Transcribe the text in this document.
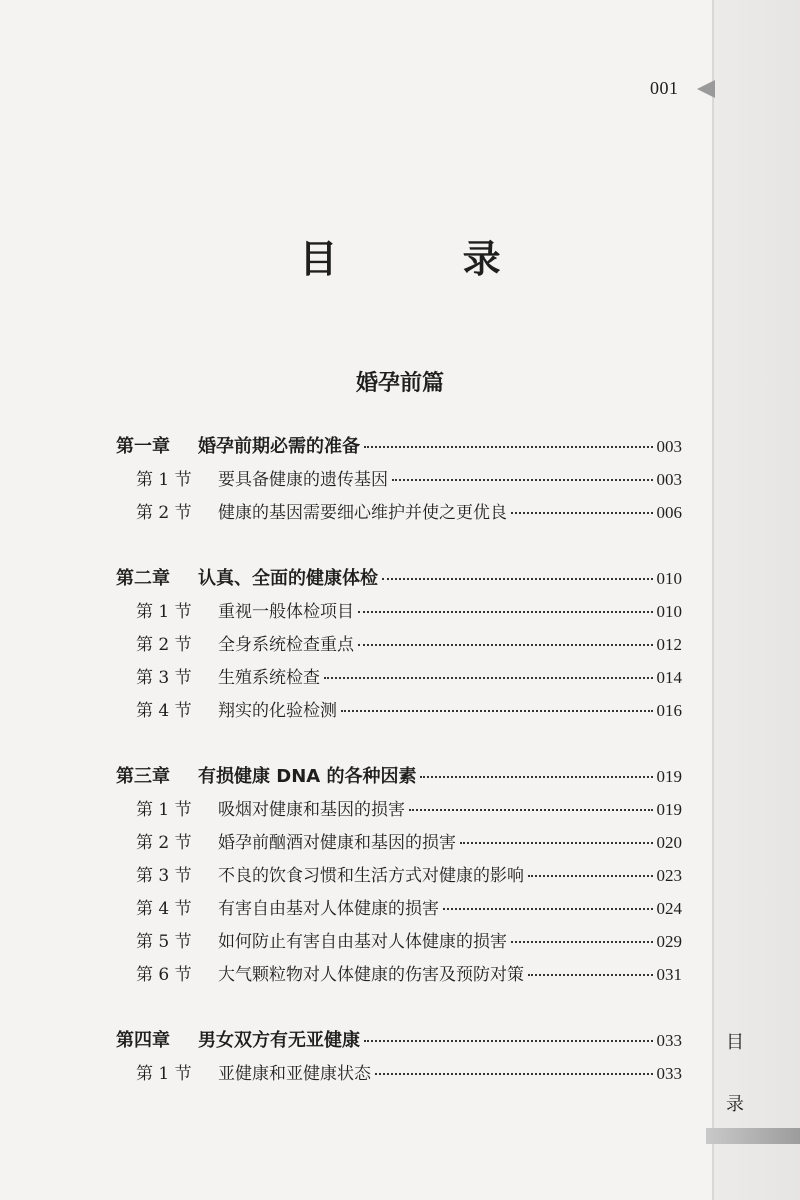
001
目 录
婚孕前篇
第一章	婚孕前期必需的准备	003
第 1 节	要具备健康的遗传基因	003
第 2 节	健康的基因需要细心维护并使之更优良	006
第二章	认真、全面的健康体检	010
第 1 节	重视一般体检项目	010
第 2 节	全身系统检查重点	012
第 3 节	生殖系统检查	014
第 4 节	翔实的化验检测	016
第三章	有损健康 DNA 的各种因素	019
第 1 节	吸烟对健康和基因的损害	019
第 2 节	婚孕前酗酒对健康和基因的损害	020
第 3 节	不良的饮食习惯和生活方式对健康的影响	023
第 4 节	有害自由基对人体健康的损害	024
第 5 节	如何防止有害自由基对人体健康的损害	029
第 6 节	大气颗粒物对人体健康的伤害及预防对策	031
第四章	男女双方有无亚健康	033
第 1 节	亚健康和亚健康状态	033
目
录
